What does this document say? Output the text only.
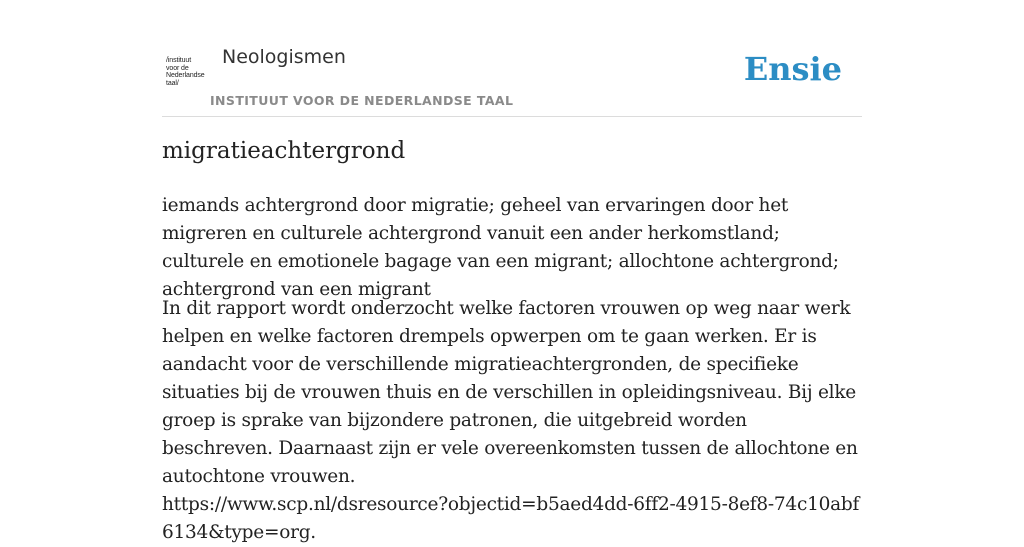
/instituut
voor de
Nederlandse
taal/
Neologismen
INSTITUUT VOOR DE NEDERLANDSE TAAL
Ensie
migratieachtergrond

iemands achtergrond door migratie; geheel van ervaringen door het migreren en culturele achtergrond vanuit een ander herkomstland; culturele en emotionele bagage van een migrant; allochtone achtergrond; achtergrond van een migrant

In dit rapport wordt onderzocht welke factoren vrouwen op weg naar werk helpen en welke factoren drempels opwerpen om te gaan werken. Er is aandacht voor de verschillende migratieachtergronden, de specifieke situaties bij de vrouwen thuis en de verschillen in opleidingsniveau. Bij elke groep is sprake van bijzondere patronen, die uitgebreid worden beschreven. Daarnaast zijn er vele overeenkomsten tussen de allochtone en autochtone vrouwen.
https://www.scp.nl/dsresource?objectid=b5aed4dd-6ff2-4915-8ef8-74c10abf6134&type=org.
